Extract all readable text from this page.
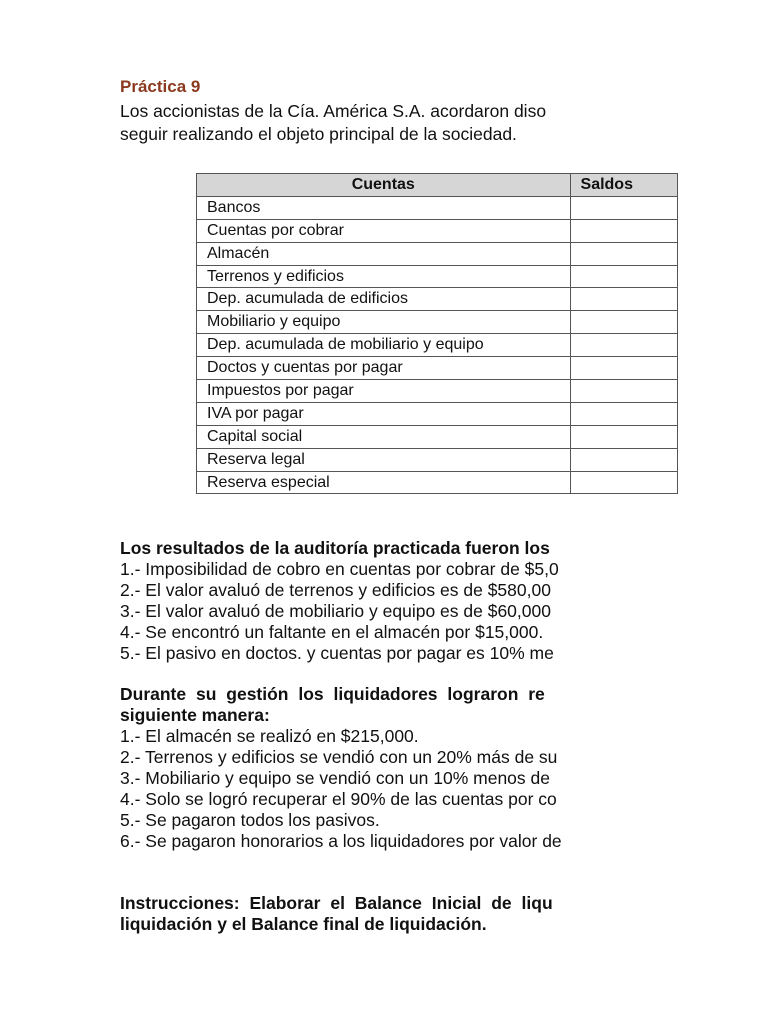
Práctica 9
Los accionistas de la Cía. América S.A. acordaron diso
seguir realizando el objeto principal de la sociedad.
Cuentas	Saldos
Bancos	
Cuentas por cobrar	
Almacén	
Terrenos y edificios	
Dep. acumulada de edificios	
Mobiliario y equipo	
Dep. acumulada de mobiliario y equipo	
Doctos y cuentas por pagar	
Impuestos por pagar	
IVA por pagar	
Capital social	
Reserva legal	
Reserva especial	
Los resultados de la auditoría practicada fueron los
1.- Imposibilidad de cobro en cuentas por cobrar de $5,0
2.- El valor avaluó de terrenos y edificios es de $580,00
3.- El valor avaluó de mobiliario y equipo es de $60,000
4.- Se encontró un faltante en el almacén por $15,000.
5.- El pasivo en doctos. y cuentas por pagar es 10% me
Durante su gestión los liquidadores lograron re
siguiente manera:
1.- El almacén se realizó en $215,000.
2.- Terrenos y edificios se vendió con un 20% más de su
3.- Mobiliario y equipo se vendió con un 10% menos de
4.- Solo se logró recuperar el 90% de las cuentas por co
5.- Se pagaron todos los pasivos.
6.- Se pagaron honorarios a los liquidadores por valor de
Instrucciones: Elaborar el Balance Inicial de liqu
liquidación y el Balance final de liquidación.
